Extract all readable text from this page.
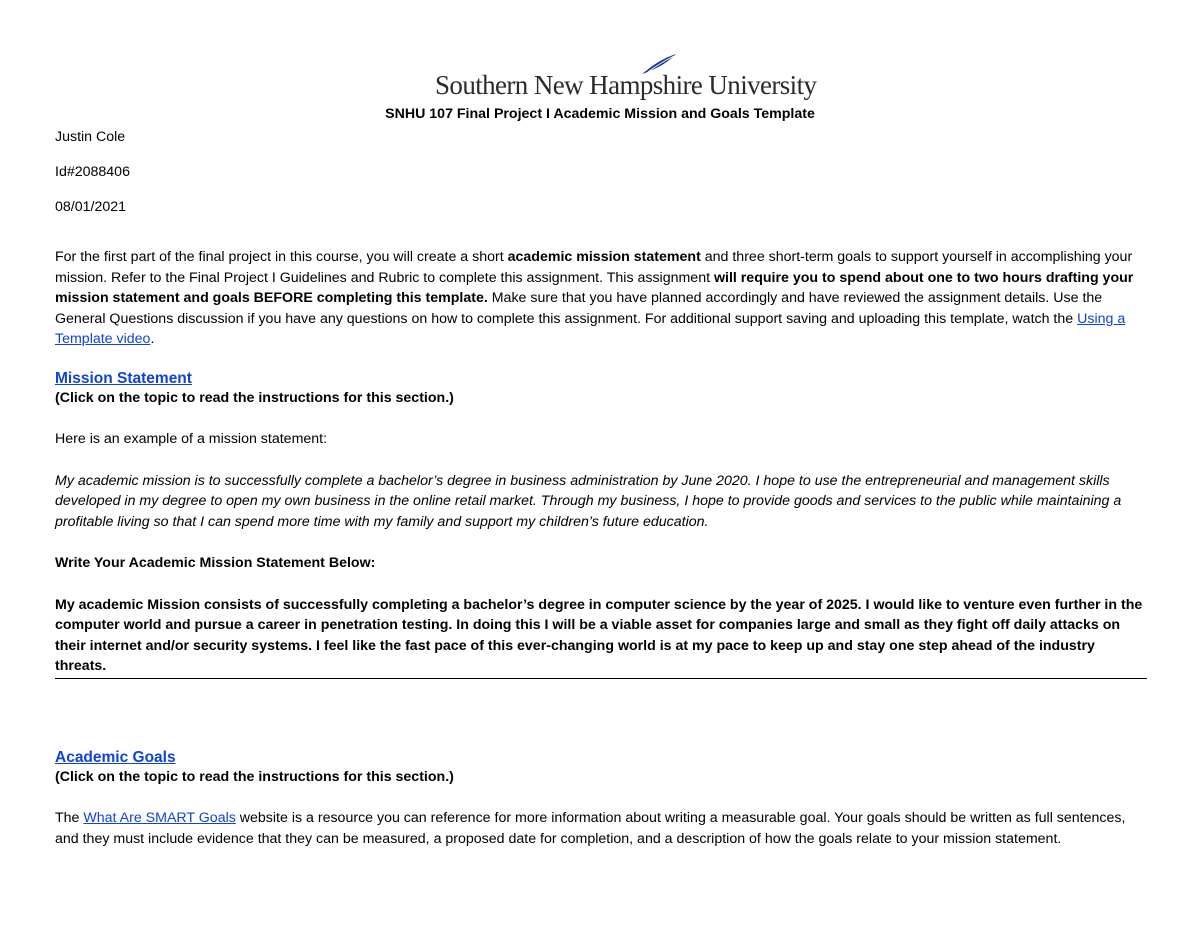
Southern New Hampshire University
SNHU 107 Final Project I Academic Mission and Goals Template

Justin Cole

Id#2088406

08/01/2021

For the first part of the final project in this course, you will create a short academic mission statement and three short-term goals to support yourself in accomplishing your mission. Refer to the Final Project I Guidelines and Rubric to complete this assignment. This assignment will require you to spend about one to two hours drafting your mission statement and goals BEFORE completing this template. Make sure that you have planned accordingly and have reviewed the assignment details. Use the General Questions discussion if you have any questions on how to complete this assignment. For additional support saving and uploading this template, watch the Using a Template video.

Mission Statement

(Click on the topic to read the instructions for this section.)

Here is an example of a mission statement:

My academic mission is to successfully complete a bachelor’s degree in business administration by June 2020. I hope to use the entrepreneurial and management skills developed in my degree to open my own business in the online retail market. Through my business, I hope to provide goods and services to the public while maintaining a profitable living so that I can spend more time with my family and support my children’s future education.

Write Your Academic Mission Statement Below:

My academic Mission consists of successfully completing a bachelor’s degree in computer science by the year of 2025. I would like to venture even further in the computer world and pursue a career in penetration testing. In doing this I will be a viable asset for companies large and small as they fight off daily attacks on their internet and/or security systems. I feel like the fast pace of this ever-changing world is at my pace to keep up and stay one step ahead of the industry threats.

Academic Goals

(Click on the topic to read the instructions for this section.)

The What Are SMART Goals website is a resource you can reference for more information about writing a measurable goal. Your goals should be written as full sentences, and they must include evidence that they can be measured, a proposed date for completion, and a description of how the goals relate to your mission statement.
